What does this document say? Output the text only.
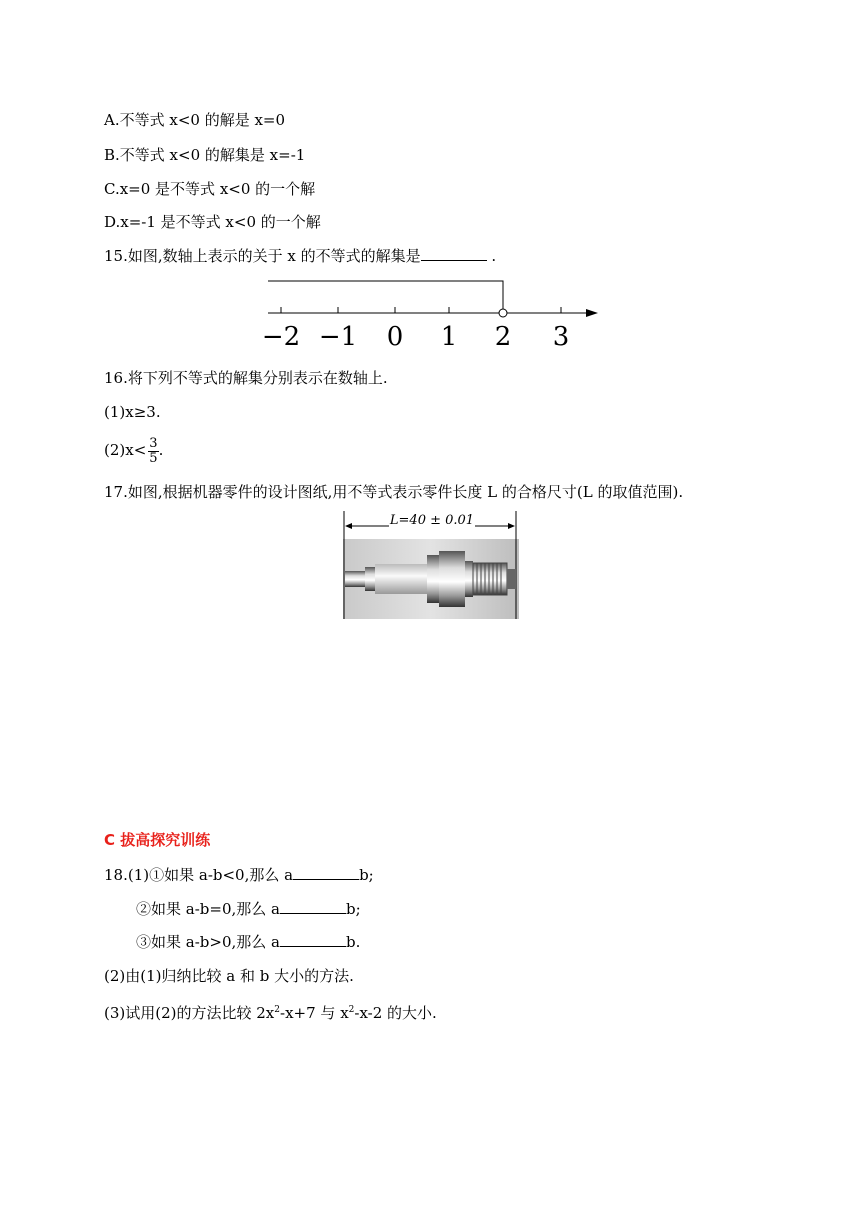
A.不等式 x<0 的解是 x=0
B.不等式 x<0 的解集是 x=-1
C.x=0 是不等式 x<0 的一个解
D.x=-1 是不等式 x<0 的一个解
15.如图,数轴上表示的关于 x 的不等式的解集是	.
−2 −1 0 1 2 3
16.将下列不等式的解集分别表示在数轴上.
(1)x≥3.
$(2)x< \frac{3}{5}$ .
17.如图,根据机器零件的设计图纸,用不等式表示零件长度 L 的合格尺寸(L 的取值范围).
L=40 ± 0.01
C 拔高探究训练
18.(1)①如果 a-b<0,那么 a	b;
②如果 a-b=0,那么 a	b;
③如果 a-b>0,那么 a	b.
(2)由(1)归纳比较 a 和 b 大小的方法.
(3)试用(2)的方法比较 $2x^2-x+7$ 与 $x^2-x-2$ 的大小.
